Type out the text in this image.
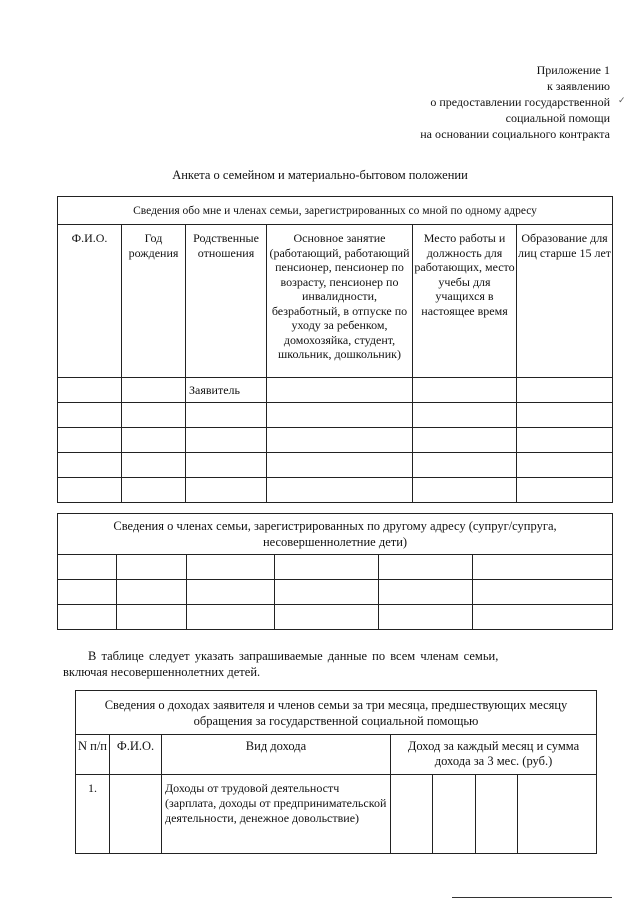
Приложение 1
к заявлению
о предоставлении государственной
социальной помощи
на основании социального контракта
Анкета о семейном и материально-бытовом положении
Сведения обо мне и членах семьи, зарегистрированных со мной по одному адресу					
Ф.И.О.	Год рождения	Родственные отношения	Основное занятие (работающий, работающий пенсионер, пенсионер по возрасту, пенсионер по инвалидности, безработный, в отпуске по уходу за ребенком, домохозяйка, студент, школьник, дошкольник)	Место работы и должность для работающих, место учебы для учащихся в настоящее время	Образование для лиц старше 15 лет
		Заявитель			

Сведения о членах семьи, зарегистрированных по другому адресу (супруг/супруга, несовершеннолетние дети)					

В таблице следует указать запрашиваемые данные по всем членам семьи,
включая несовершеннолетних детей.
Сведения о доходах заявителя и членов семьи за три месяца, предшествующих месяцу обращения за государственной социальной помощью						
N п/п	Ф.И.О.	Вид дохода	Доход за каждый месяц и сумма дохода за 3 мес. (руб.)			
1.		Доходы от трудовой деятельностч (зарплата, доходы от предпринимательской деятельности, денежное довольствие)				
✓
